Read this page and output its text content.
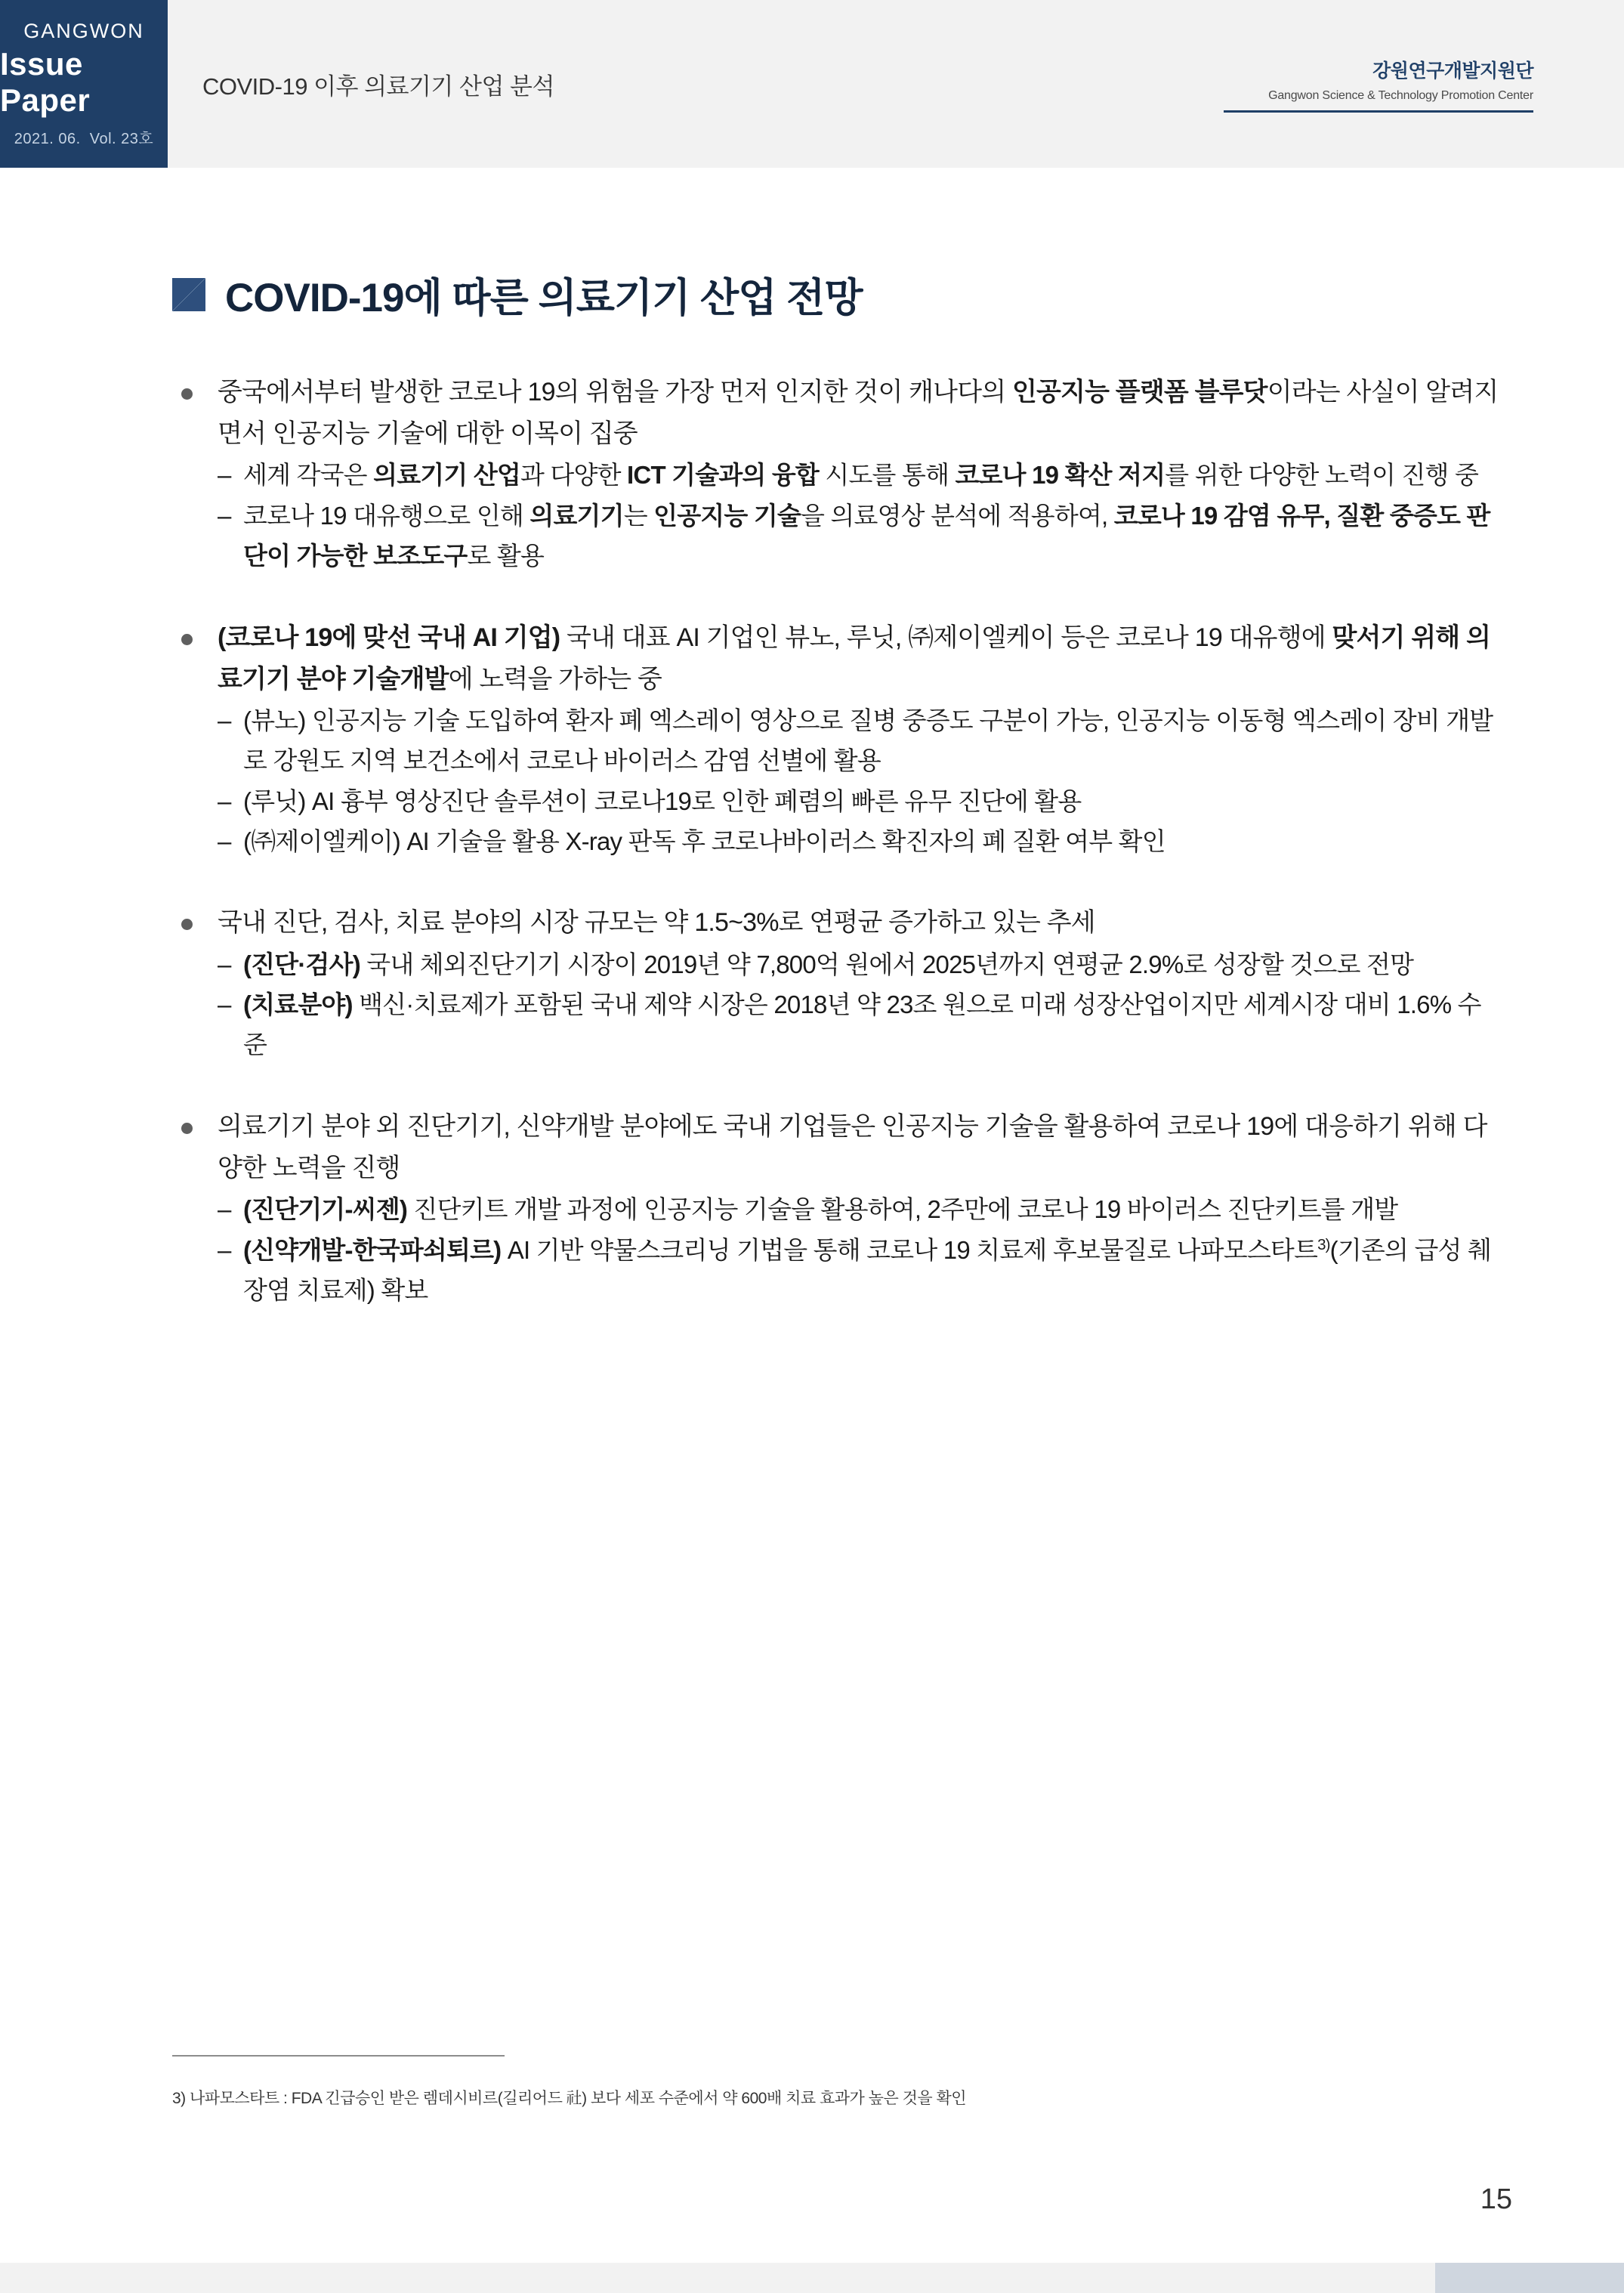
GANGWON
Issue Paper
2021. 06. Vol. 23호
COVID-19 이후 의료기기 산업 분석
강원연구개발지원단
Gangwon Science & Technology Promotion Center
COVID-19에 따른 의료기기 산업 전망
중국에서부터 발생한 코로나 19의 위험을 가장 먼저 인지한 것이 캐나다의 인공지능 플랫폼 블루닷이라는 사실이 알려지면서 인공지능 기술에 대한 이목이 집중
– 세계 각국은 의료기기 산업과 다양한 ICT 기술과의 융합 시도를 통해 코로나 19 확산 저지를 위한 다양한 노력이 진행 중
– 코로나 19 대유행으로 인해 의료기기는 인공지능 기술을 의료영상 분석에 적용하여, 코로나 19 감염 유무, 질환 중증도 판단이 가능한 보조도구로 활용
(코로나 19에 맞선 국내 AI 기업) 국내 대표 AI 기업인 뷰노, 루닛, ㈜제이엘케이 등은 코로나 19 대유행에 맞서기 위해 의료기기 분야 기술개발에 노력을 가하는 중
– (뷰노) 인공지능 기술 도입하여 환자 폐 엑스레이 영상으로 질병 중증도 구분이 가능, 인공지능 이동형 엑스레이 장비 개발로 강원도 지역 보건소에서 코로나 바이러스 감염 선별에 활용
– (루닛) AI 흉부 영상진단 솔루션이 코로나19로 인한 폐렴의 빠른 유무 진단에 활용
– (㈜제이엘케이) AI 기술을 활용 X-ray 판독 후 코로나바이러스 확진자의 폐 질환 여부 확인
국내 진단, 검사, 치료 분야의 시장 규모는 약 1.5~3%로 연평균 증가하고 있는 추세
– (진단·검사) 국내 체외진단기기 시장이 2019년 약 7,800억 원에서 2025년까지 연평균 2.9%로 성장할 것으로 전망
– (치료분야) 백신·치료제가 포함된 국내 제약 시장은 2018년 약 23조 원으로 미래 성장산업이지만 세계시장 대비 1.6% 수준
의료기기 분야 외 진단기기, 신약개발 분야에도 국내 기업들은 인공지능 기술을 활용하여 코로나 19에 대응하기 위해 다양한 노력을 진행
– (진단기기-씨젠) 진단키트 개발 과정에 인공지능 기술을 활용하여, 2주만에 코로나 19 바이러스 진단키트를 개발
– (신약개발-한국파쇠퇴르) AI 기반 약물스크리닝 기법을 통해 코로나 19 치료제 후보물질로 나파모스타트$^{3)}$(기존의 급성 췌장염 치료제) 확보
3) 나파모스타트 : FDA 긴급승인 받은 렘데시비르(길리어드 社) 보다 세포 수준에서 약 600배 치료 효과가 높은 것을 확인
15
